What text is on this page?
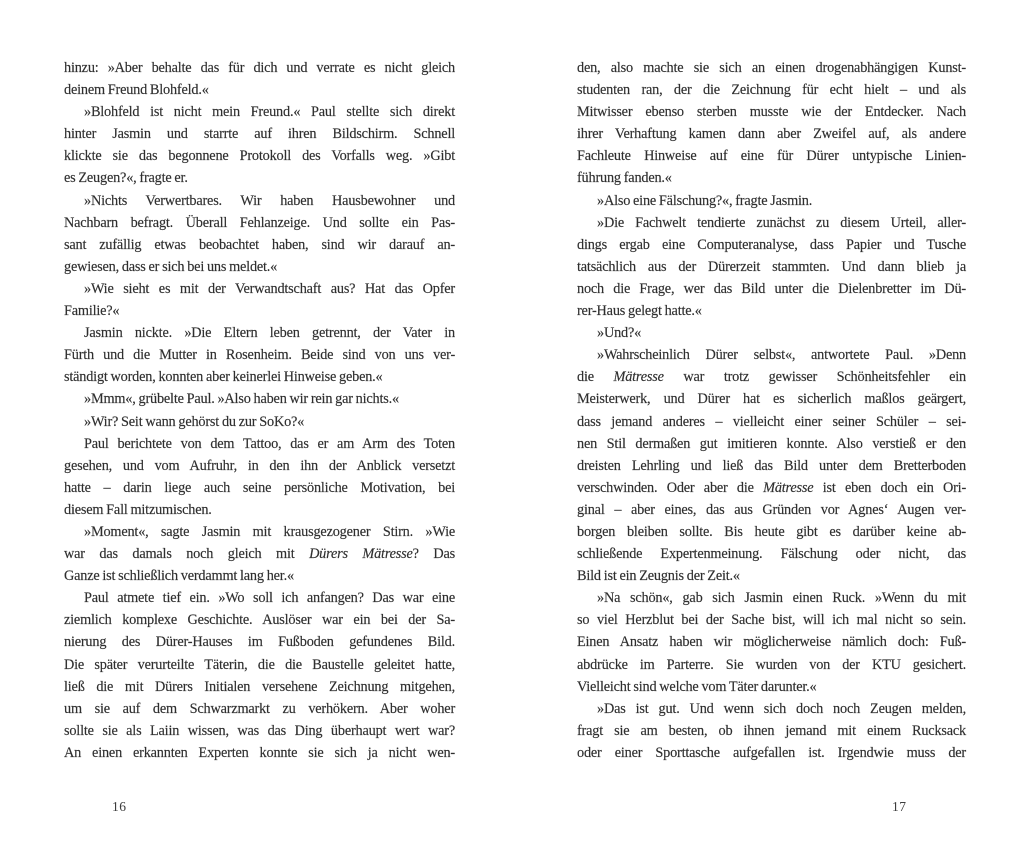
hinzu: »Aber behalte das für dich und verrate es nicht gleich
deinem Freund Blohfeld.«
»Blohfeld ist nicht mein Freund.« Paul stellte sich direkt
hinter Jasmin und starrte auf ihren Bildschirm. Schnell
klickte sie das begonnene Protokoll des Vorfalls weg. »Gibt
es Zeugen?«, fragte er.
»Nichts Verwertbares. Wir haben Hausbewohner und
Nachbarn befragt. Überall Fehlanzeige. Und sollte ein Pas-
sant zufällig etwas beobachtet haben, sind wir darauf an-
gewiesen, dass er sich bei uns meldet.«
»Wie sieht es mit der Verwandtschaft aus? Hat das Opfer
Familie?«
Jasmin nickte. »Die Eltern leben getrennt, der Vater in
Fürth und die Mutter in Rosenheim. Beide sind von uns ver-
ständigt worden, konnten aber keinerlei Hinweise geben.«
»Mmm«, grübelte Paul. »Also haben wir rein gar nichts.«
»Wir? Seit wann gehörst du zur SoKo?«
Paul berichtete von dem Tattoo, das er am Arm des Toten
gesehen, und vom Aufruhr, in den ihn der Anblick versetzt
hatte – darin liege auch seine persönliche Motivation, bei
diesem Fall mitzumischen.
»Moment«, sagte Jasmin mit krausgezogener Stirn. »Wie
war das damals noch gleich mit Dürers Mätresse? Das
Ganze ist schließlich verdammt lang her.«
Paul atmete tief ein. »Wo soll ich anfangen? Das war eine
ziemlich komplexe Geschichte. Auslöser war ein bei der Sa-
nierung des Dürer-Hauses im Fußboden gefundenes Bild.
Die später verurteilte Täterin, die die Baustelle geleitet hatte,
ließ die mit Dürers Initialen versehene Zeichnung mitgehen,
um sie auf dem Schwarzmarkt zu verhökern. Aber woher
sollte sie als Laiin wissen, was das Ding überhaupt wert war?
An einen erkannten Experten konnte sie sich ja nicht wen-
den, also machte sie sich an einen drogenabhängigen Kunst-
studenten ran, der die Zeichnung für echt hielt – und als
Mitwisser ebenso sterben musste wie der Entdecker. Nach
ihrer Verhaftung kamen dann aber Zweifel auf, als andere
Fachleute Hinweise auf eine für Dürer untypische Linien-
führung fanden.«
»Also eine Fälschung?«, fragte Jasmin.
»Die Fachwelt tendierte zunächst zu diesem Urteil, aller-
dings ergab eine Computeranalyse, dass Papier und Tusche
tatsächlich aus der Dürerzeit stammten. Und dann blieb ja
noch die Frage, wer das Bild unter die Dielenbretter im Dü-
rer-Haus gelegt hatte.«
»Und?«
»Wahrscheinlich Dürer selbst«, antwortete Paul. »Denn
die Mätresse war trotz gewisser Schönheitsfehler ein
Meisterwerk, und Dürer hat es sicherlich maßlos geärgert,
dass jemand anderes – vielleicht einer seiner Schüler – sei-
nen Stil dermaßen gut imitieren konnte. Also verstieß er den
dreisten Lehrling und ließ das Bild unter dem Bretterboden
verschwinden. Oder aber die Mätresse ist eben doch ein Ori-
ginal – aber eines, das aus Gründen vor Agnes‘ Augen ver-
borgen bleiben sollte. Bis heute gibt es darüber keine ab-
schließende Expertenmeinung. Fälschung oder nicht, das
Bild ist ein Zeugnis der Zeit.«
»Na schön«, gab sich Jasmin einen Ruck. »Wenn du mit
so viel Herzblut bei der Sache bist, will ich mal nicht so sein.
Einen Ansatz haben wir möglicherweise nämlich doch: Fuß-
abdrücke im Parterre. Sie wurden von der KTU gesichert.
Vielleicht sind welche vom Täter darunter.«
»Das ist gut. Und wenn sich doch noch Zeugen melden,
fragt sie am besten, ob ihnen jemand mit einem Rucksack
oder einer Sporttasche aufgefallen ist. Irgendwie muss der
16	17
